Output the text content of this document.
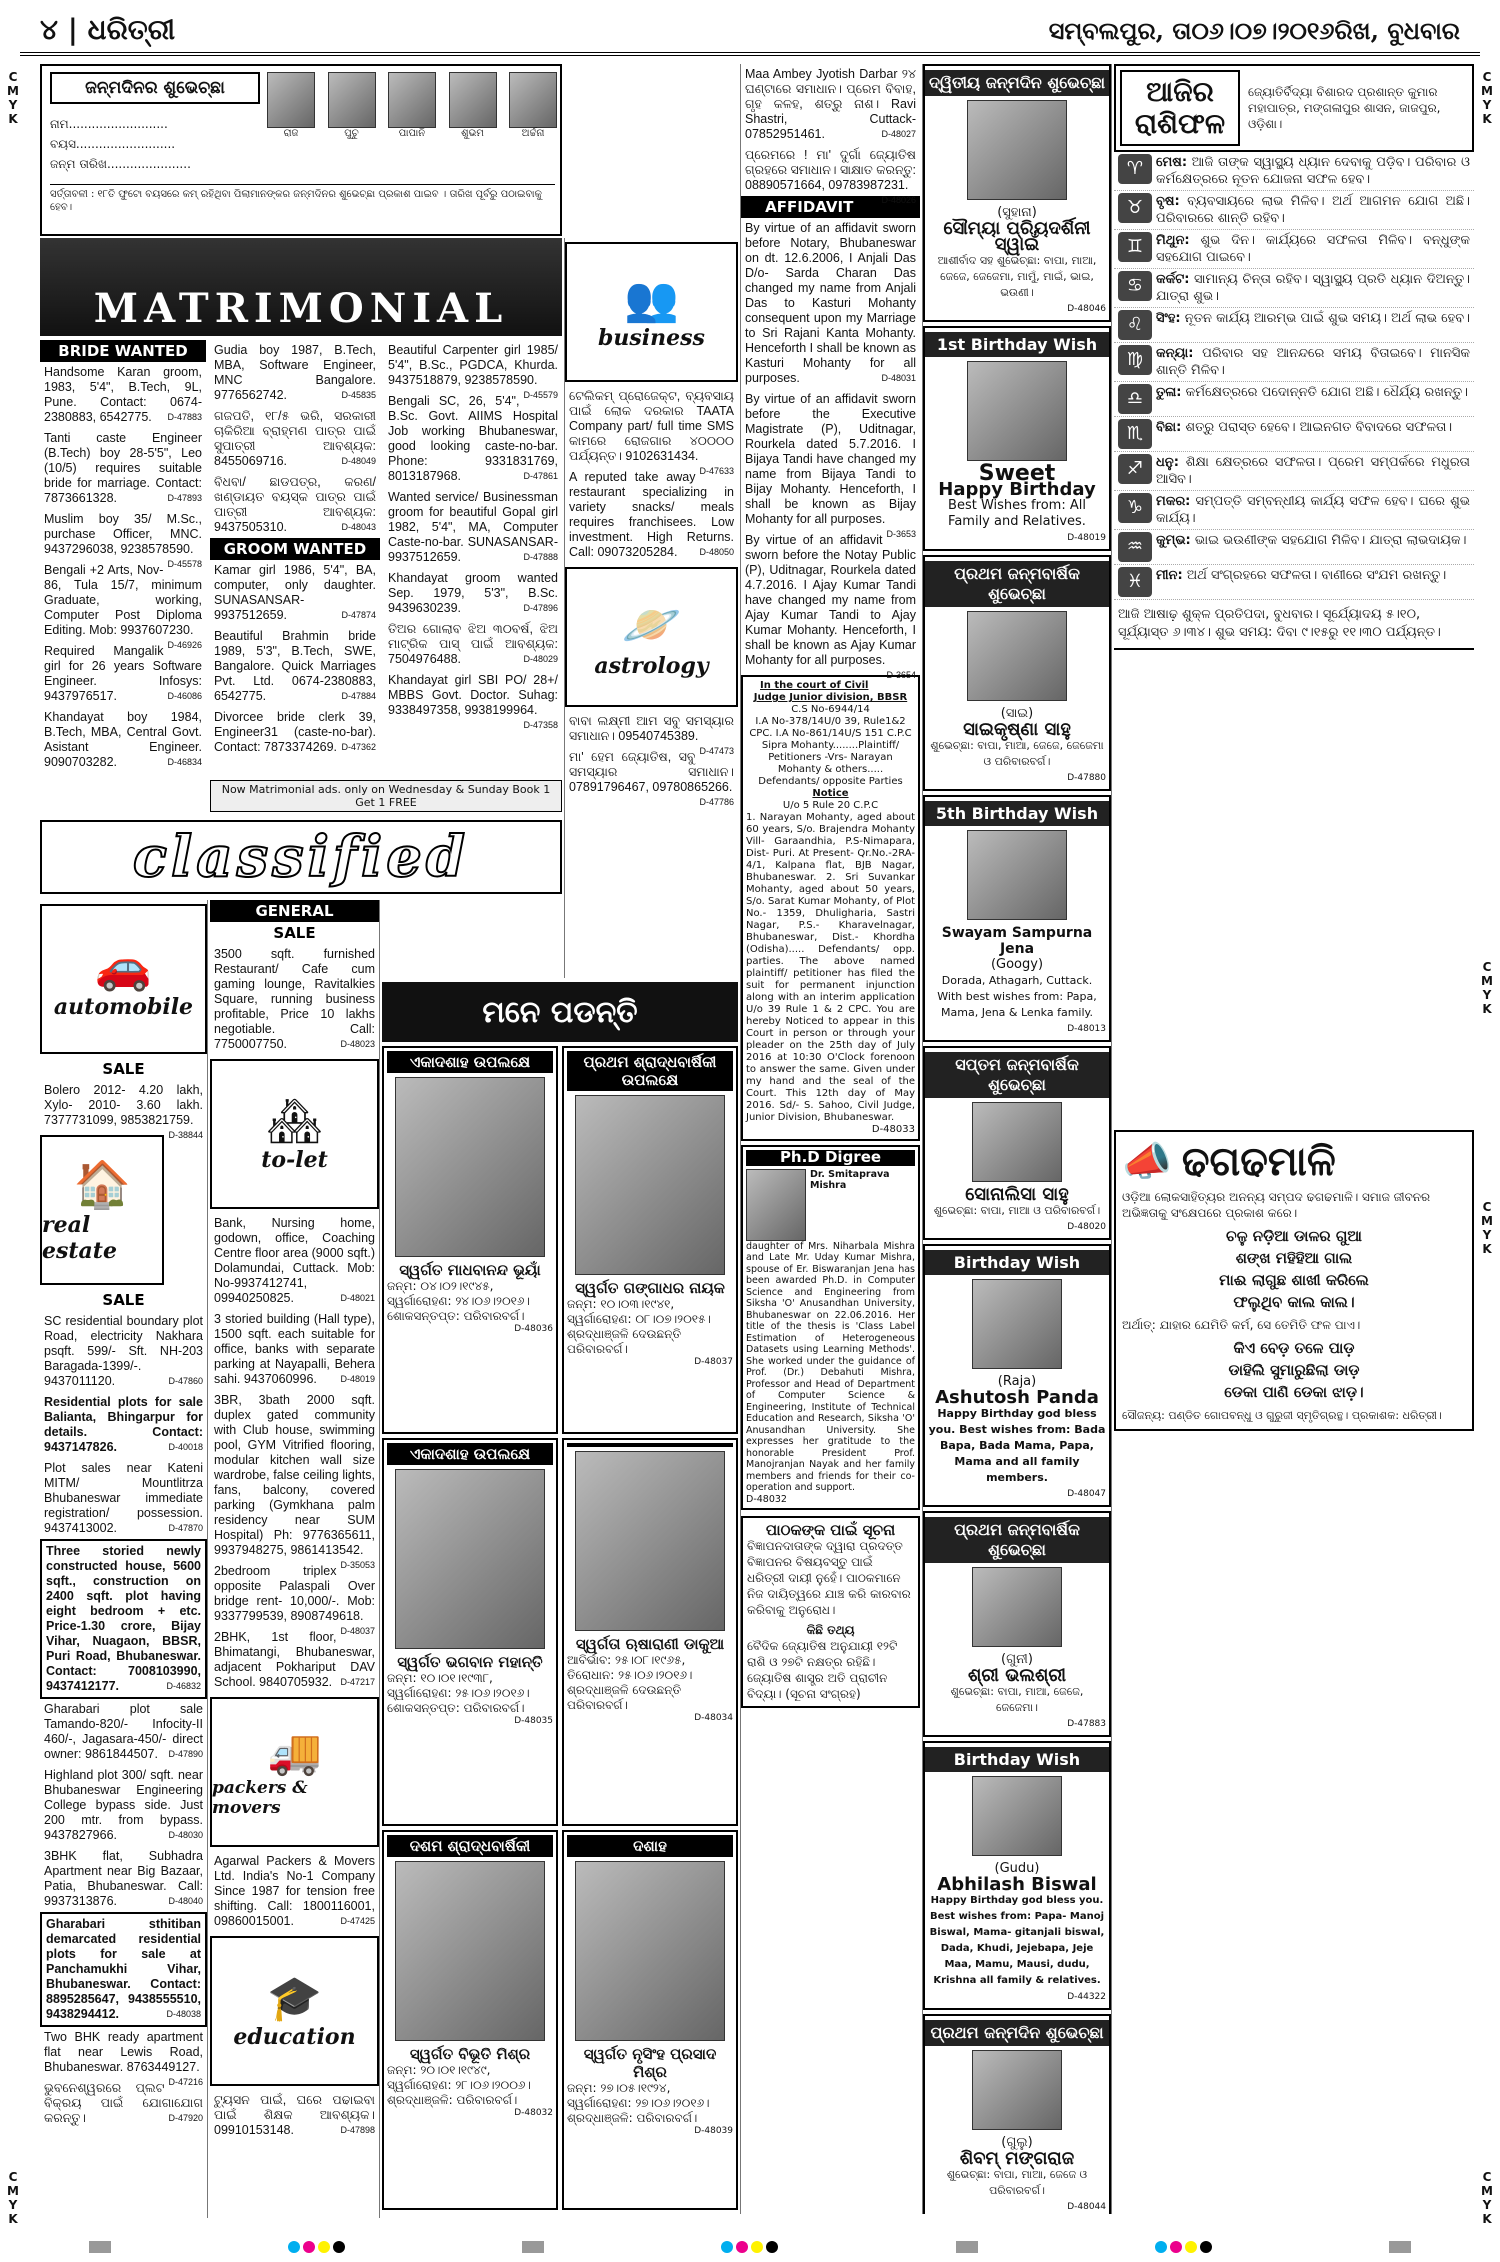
୪ | ଧରିତ୍ରୀ	ସମ୍ବଲପୁର, ତା୦୬।୦୭।୨୦୧୬ରିଖ, ବୁଧବାର
C
M
Y
K
C
M
Y
K
C
M
Y
K
C
M
Y
K
C
M
Y
K
C
M
Y
K
ଜନ୍ମଦିନର ଶୁଭେଚ୍ଛା
ନାମ..........................
ବୟସ..........................
ଜନ୍ମ ତାରିଖ......................
ରାଜ	ପୁଚୁ	ପାପାନି	ଶୁଭମ	ଅର୍ଚ୍ଚନା
ସର୍ତ୍ତାବଳୀ : ୧୮ତି ଫୁଟୋ ବୟସରେ କମ୍ ରହିଥିବା ପିଲାମାନଙ୍କର ଜନ୍ମଦିନର ଶୁଭେଚ୍ଛା ପ୍ରକାଶ ପାଇବ । ତାରିଖ ପୂର୍ବରୁ ପଠାଇବାକୁ ହେବ।
MATRIMONIAL
BRIDE WANTED
Handsome Karan groom, 1983, 5'4", B.Tech, 9L, Pune. Contact: 0674-2380883, 6542775. D-47883
Tanti caste Engineer (B.Tech) boy 28-5'5", Leo (10/5) requires suitable bride for marriage. Contact: 7873661328.	D-47893
Muslim boy 35/ M.Sc., purchase Officer, MNC. 9437296038, 9238578590.
D-45578
Bengali +2 Arts, Nov-86, Tula 15/7, minimum Graduate, working, Computer Post Diploma Editing. Mob: 9937607230.
D-46926
Required Mangalik girl for 26 years Software Engineer. Infosys: 9437976517.	D-46086
Khandayat boy 1984, B.Tech, MBA, Central Govt. Asistant Engineer. 9090703282.	D-46834
Gudia boy 1987, B.Tech, MBA, Software Engineer, MNC Bangalore. 9776562742.	D-45835
ଗଜପତି, ୧୮/୫ ଭରି, ସରକାରୀ ଚାକିରିଆ ବ୍ରାହ୍ମଣ ପାତ୍ର ପାଇଁ ସୁପାତ୍ରୀ ଆବଶ୍ୟକ: 8455069716.	D-48049
ବିଧବା/ ଛାଡପତ୍ର, କରଣ/ ଖଣ୍ଡାୟତ ବୟସ୍କ ପାତ୍ର ପାଇଁ ପାତ୍ରୀ ଆବଶ୍ୟକ: 9437505310.	D-48043
GROOM WANTED
Kamar girl 1986, 5'4", BA, computer, only daughter. SUNASANSAR- 9937512659.	D-47874
Beautiful Brahmin bride 1989, 5'3", B.Tech, SWE, Bangalore. Quick Marriages Pvt. Ltd. 0674-2380883, 6542775.	D-47884
Divorcee bride clerk 39, Engineer31 (caste-no-bar). Contact: 7873374269. D-47362
Beautiful Carpenter girl 1985/ 5'4", B.Sc., PGDCA, Khurda. 9437518879, 9238578590.
D-45579
Bengali SC, 26, 5'4", B.Sc. Govt. AIIMS Hospital Job working Bhubaneswar, good looking caste-no-bar. Phone: 9331831769, 8013187968.	D-47861
Wanted service/ Businessman groom for beautiful Gopal girl 1982, 5'4", MA, Computer Caste-no-bar. SUNASANSAR- 9937512659.	D-47888
Khandayat groom wanted Sep. 1979, 5'3", B.Sc. 9439630239.	D-47896
ତିଅର ଗୋଲାବ ଝିଅ ୩୦ବର୍ଷ, ଝିଅ ମାଟ୍ରିକ ପାସ୍ ପାଇଁ ଆବଶ୍ୟକ: 7504976488.	D-48029
Khandayat girl SBI PO/ 28+/ MBBS Govt. Doctor. Suhag: 9338497358, 9938199964.
D-47358
Now Matrimonial ads. only on Wednesday & Sunday Book 1 Get 1 FREE
👥
business
ଟେଲିକମ୍ ପ୍ରୋଜେକ୍ଟ, ବ୍ୟବସାୟ ପାଇଁ ଲୋକ ଦରକାର TAATA Company part/ full time SMS କାମରେ ରୋଜଗାର ୪୦୦୦୦ ପର୍ଯ୍ୟନ୍ତ। 9102631434.
D-47633
A reputed take away restaurant specializing in variety snacks/ meals requires franchisees. Low investment. High Returns. Call: 09073205284. D-48050
🪐
astrology
ବାବା ଲକ୍ଷ୍ମୀ ଆମ ସବୁ ସମସ୍ୟାର ସମାଧାନ। 09540745389.
D-47473
ମା' ହେମ ଜ୍ୟୋତିଷ, ସବୁ ସମସ୍ୟାର ସମାଧାନ। 07891796467, 09780865266.
D-47786
Maa Ambey Jyotish Darbar ୨୪ ଘଣ୍ଟାରେ ସମାଧାନ। ପ୍ରେମ ବିବାହ, ଗୃହ କଳହ, ଶତ୍ରୁ ନାଶ। Ravi Shastri, Cuttack- 07852951461.	D-48027
ପ୍ରେମରେ ! ମା' ଦୁର୍ଗା ଜ୍ୟୋତିଷ ଗ୍ରହରେ ସମାଧାନ। ସାକ୍ଷାତ କରନ୍ତୁ: 08890571664, 09783987231.
D-48026
AFFIDAVIT
By virtue of an affidavit sworn before Notary, Bhubaneswar on dt. 12.6.2006, I Anjali Das D/o- Sarda Charan Das changed my name from Anjali Das to Kasturi Mohanty consequent upon my Marriage to Sri Rajani Kanta Mohanty. Henceforth I shall be known as Kasturi Mohanty for all purposes.	D-48031
By virtue of an affidavit sworn before the Executive Magistrate (P), Uditnagar, Rourkela dated 5.7.2016. I Bijaya Tandi have changed my name from Bijaya Tandi to Bijay Mohanty. Henceforth, I shall be known as Bijay Mohanty for all purposes.
D-3653
By virtue of an affidavit sworn before the Notay Public (P), Uditnagar, Rourkela dated 4.7.2016. I Ajay Kumar Tandi have changed my name from Ajay Kumar Tandi to Ajay Kumar Mohanty. Henceforth, I shall be known as Ajay Kumar Mohanty for all purposes.
D-3654
In the court of Civil Judge Junior division, BBSR
C.S No-6944/14
I.A No-378/14U/0 39, Rule1&2 CPC. I.A No-861/14U/S 151 C.P.C
Sipra Mohanty........Plaintiff/ Petitioners -Vrs- Narayan Mohanty & others..... Defendants/ opposite Parties
Notice
U/o 5 Rule 20 C.P.C
1. Narayan Mohanty, aged about 60 years, S/o. Brajendra Mohanty Vill- Garaandhia, P.S-Nimapara, Dist- Puri. At Present- Qr.No.-2RA- 4/1, Kalpana flat, BJB Nagar, Bhubaneswar. 2. Sri Suvankar Mohanty, aged about 50 years, S/o. Sarat Kumar Mohanty, of Plot No.- 1359, Dhuligharia, Sastri Nagar, P.S.- Kharavelnagar, Bhubaneswar, Dist.- Khordha (Odisha)..... Defendants/ opp. parties. The above named plaintiff/ petitioner has filed the suit for permanent injunction along with an interim application U/o 39 Rule 1 & 2 CPC. You are hereby Noticed to appear in this Court in person or through your pleader on the 25th day of July 2016 at 10:30 O'Clock forenoon to answer the same. Given under my hand and the seal of the Court. This 12th day of May 2016. Sd/- S. Sahoo, Civil Judge, Junior Division, Bhubaneswar.
D-48033
Ph.D Digree
Dr. Smitaprava Mishra
daughter of Mrs. Niharbala Mishra and Late Mr. Uday Kumar Mishra, spouse of Er. Biswaranjan Jena has been awarded Ph.D. in Computer Science and Engineering from Siksha 'O' Anusandhan University, Bhubaneswar on 22.06.2016. Her title of the thesis is 'Class Label Estimation of Heterogeneous Datasets using Learning Methods'. She worked under the guidance of Prof. (Dr.) Debahuti Mishra, Professor and Head of Department of Computer Science & Engineering, Institute of Technical Education and Research, Siksha 'O' Anusandhan University. She expresses her gratitude to the honorable President Prof. Manojranjan Nayak and her family members and friends for their co-operation and support.
D-48032
ପାଠକଙ୍କ ପାଇଁ ସୂଚନା
ବିଜ୍ଞାପନଦାତାଙ୍କ ଦ୍ୱାରା ପ୍ରଦତ୍ତ ବିଜ୍ଞାପନର ବିଷୟବସ୍ତୁ ପାଇଁ ଧରିତ୍ରୀ ଦାୟୀ ନୁହେଁ। ପାଠକମାନେ ନିଜ ଦାୟିତ୍ୱରେ ଯାଞ୍ଚ କରି କାରବାର କରିବାକୁ ଅନୁରୋଧ।
କିଛି ତଥ୍ୟ
ବୈଦିକ ଜ୍ୟୋତିଷ ଅନୁଯାୟୀ ୧୨ଟି ରାଶି ଓ ୨୭ଟି ନକ୍ଷତ୍ର ରହିଛି। ଜ୍ୟୋତିଷ ଶାସ୍ତ୍ର ଅତି ପ୍ରାଚୀନ ବିଦ୍ୟା। (ସୂଚନା ସଂଗ୍ରହ)
classified
🚗
automobile
SALE
Bolero 2012- 4.20 lakh, Xylo- 2010- 3.60 lakh. 7377731099, 9853821759.
D-38844
🏠
real estate
SALE
SC residential boundary plot Road, electricity Nakhara psqft. 599/- Sft. NH-203 Baragada-1399/-. 9437011120.	D-47860
Residential plots for sale Balianta, Bhingarpur for details. Contact: 9437147826.	D-40018
Plot sales near Kateni MITM/ Mountlitrza Bhubaneswar immediate registration/ possession. 9437413002.	D-47870
Three storied newly constructed house, 5600 sqft., construction on 2400 sqft. plot having eight bedroom + etc. Price-1.30 crore, Bijay Vihar, Nuagaon, BBSR, Puri Road, Bhubaneswar. Contact: 7008103990, 9437412177.	D-46832
Gharabari plot sale Tamando-820/- Infocity-II 460/-, Jagasara-450/- direct owner: 9861844507. D-47890
Highland plot 300/ sqft. near Bhubaneswar Engineering College bypass side. Just 200 mtr. from bypass. 9437827966.	D-48030
3BHK flat, Subhadra Apartment near Big Bazaar, Patia, Bhubaneswar. Call: 9937313876.	D-48040
Gharabari sthitiban demarcated residential plots for sale at Panchamukhi Vihar, Bhubaneswar. Contact: 8895285647, 9438555510, 9438294412.	D-48038
Two BHK ready apartment flat near Lewis Road, Bhubaneswar. 8763449127.
D-47216
ଭୁବନେଶ୍ୱରରେ ପ୍ଲଟ ବିକ୍ରୟ ପାଇଁ ଯୋଗାଯୋଗ କରନ୍ତୁ।	D-47920
GENERAL
SALE
3500 sqft. furnished Restaurant/ Cafe cum gaming lounge, Ravitalkies Square, running business profitable, Price 10 lakhs negotiable. Call: 7750007750.	D-48023
🏘
to-let
Bank, Nursing home, godown, office, Coaching Centre floor area (9000 sqft.) Dolamundai, Cuttack. Mob: No-9937412741, 09940250825.	D-48021
3 storied building (Hall type), 1500 sqft. each suitable for office, banks with separate parking at Nayapalli, Behera sahi. 9437060996.	D-48019
3BR, 3bath 2000 sqft. duplex gated community with Club house, swimming pool, GYM Vitrified flooring, modular kitchen wall size wardrobe, false ceiling lights, fans, balcony, covered parking (Gymkhana palm residency near SUM Hospital) Ph: 9776365611, 9937948275, 9861413542.
D-35053
2bedroom triplex opposite Palaspali Over bridge rent- 10,000/-. Mob: 9337799539, 8908749618.
D-48037
2BHK, 1st floor, Bhimatangi, Bhubaneswar, adjacent Pokhariput DAV School. 9840705932. D-47217
🚚
packers & movers
Agarwal Packers & Movers Ltd. India's No-1 Company Since 1987 for tension free shifting. Call: 1800116001, 09860015001.	D-47425
🎓
education
ଟ୍ୟୁସନ ପାଇଁ, ଘରେ ପଢାଇବା ପାଇଁ ଶିକ୍ଷକ ଆବଶ୍ୟକ। 09910153148.	D-47898
ମନେ ପଡନ୍ତି
ଏକାଦଶାହ ଉପଲକ୍ଷେ
ସ୍ୱର୍ଗତ ମାଧବାନନ୍ଦ ଭୂୟାଁ
ଜନ୍ମ: ୦୪।୦୨।୧୯୪୫, ସ୍ୱର୍ଗାରୋହଣ: ୨୪।୦୬।୨୦୧୬। ଶୋକସନ୍ତପ୍ତ: ପରିବାରବର୍ଗ।
D-48036
ପ୍ରଥମ ଶ୍ରାଦ୍ଧବାର୍ଷିକୀ ଉପଲକ୍ଷେ
ସ୍ୱର୍ଗତ ଗଙ୍ଗାଧର ନାୟକ
ଜନ୍ମ: ୧୦।୦୩।୧୯୪୧, ସ୍ୱର୍ଗାରୋହଣ: ୦୮।୦୭।୨୦୧୫। ଶ୍ରଦ୍ଧାଞ୍ଜଳି ଦେଉଛନ୍ତି ପରିବାରବର୍ଗ।
D-48037
ଏକାଦଶାହ ଉପଲକ୍ଷେ
ସ୍ୱର୍ଗତ ଭଗବାନ ମହାନ୍ତି
ଜନ୍ମ: ୧୦।୦୧।୧୯୩୮, ସ୍ୱର୍ଗାରୋହଣ: ୨୫।୦୬।୨୦୧୬। ଶୋକସନ୍ତପ୍ତ: ପରିବାରବର୍ଗ।
D-48035
ସ୍ୱର୍ଗତା ଋଷାରାଣୀ ଡାକୁଆ
ଆବିର୍ଭାବ: ୨୫।୦୮।୧୯୬୫, ତିରୋଧାନ: ୨୫।୦୬।୨୦୧୬। ଶ୍ରଦ୍ଧାଞ୍ଜଳି ଦେଉଛନ୍ତି ପରିବାରବର୍ଗ।
D-48034
ଦଶମ ଶ୍ରାଦ୍ଧବାର୍ଷିକୀ
ସ୍ୱର୍ଗତ ବିଭୂତି ମିଶ୍ର
ଜନ୍ମ: ୨୦।୦୧।୧୯୪୯, ସ୍ୱର୍ଗାରୋହଣ: ୨୮।୦୬।୨୦୦୬। ଶ୍ରଦ୍ଧାଞ୍ଜଳି: ପରିବାରବର୍ଗ।
D-48032
ଦଶାହ
ସ୍ୱର୍ଗତ ନୃସିଂହ ପ୍ରସାଦ ମିଶ୍ର
ଜନ୍ମ: ୨୭।୦୫।୧୯୨୪, ସ୍ୱର୍ଗାରୋହଣ: ୨୭।୦୬।୨୦୧୬। ଶ୍ରଦ୍ଧାଞ୍ଜଳି: ପରିବାରବର୍ଗ।
D-48039
ଦ୍ୱିତୀୟ ଜନ୍ମଦିନ ଶୁଭେଚ୍ଛା
(ସୁହାନା)
ସୌମ୍ୟା ପ୍ରିୟଦର୍ଶିନୀ ସ୍ୱାଇଁ
ଆଶୀର୍ବାଦ ସହ ଶୁଭେଚ୍ଛା: ବାପା, ମାଆ, ଜେଜେ, ଜେଜେମା, ମାମୁଁ, ମାଇଁ, ଭାଇ, ଭଉଣୀ।
D-48046
1st Birthday Wish
Sweet
Happy Birthday
Best Wishes from: All Family and Relatives.
D-48019
ପ୍ରଥମ ଜନ୍ମବାର୍ଷିକ ଶୁଭେଚ୍ଛା
(ସାଇ)
ସାଇକୃଷ୍ଣା ସାହୁ
ଶୁଭେଚ୍ଛା: ବାପା, ମାଆ, ଜେଜେ, ଜେଜେମା ଓ ପରିବାରବର୍ଗ।
D-47880
5th Birthday Wish
Swayam Sampurna Jena
(Googy)
Dorada, Athagarh, Cuttack. With best wishes from: Papa, Mama, Jena & Lenka family.
D-48013
ସପ୍ତମ ଜନ୍ମବାର୍ଷିକ ଶୁଭେଚ୍ଛା
ସୋନାଲିସା ସାହୁ
ଶୁଭେଚ୍ଛା: ବାପା, ମାଆ ଓ ପରିବାରବର୍ଗ।
D-48020
Birthday Wish
(Raja)
Ashutosh Panda
Happy Birthday god bless you. Best wishes from: Bada Bapa, Bada Mama, Papa, Mama and all family members.
D-48047
ପ୍ରଥମ ଜନ୍ମବାର୍ଷିକ ଶୁଭେଚ୍ଛା
(ଗୁନୀ)
ଶ୍ରୀ ଭଲଶ୍ରୀ
ଶୁଭେଚ୍ଛା: ବାପା, ମାଆ, ଜେଜେ, ଜେଜେମା।
D-47883
Birthday Wish
(Gudu)
Abhilash Biswal
Happy Birthday god bless you. Best wishes from: Papa- Manoj Biswal, Mama- gitanjali biswal, Dada, Khudi, Jejebapa, Jeje Maa, Mamu, Mausi, dudu, Krishna all family & relatives.
D-44322
ପ୍ରଥମ ଜନ୍ମଦିନ ଶୁଭେଚ୍ଛା
(ଗୁଲୁ)
ଶିବମ୍ ମଙ୍ଗରାଜ
ଶୁଭେଚ୍ଛା: ବାପା, ମାଆ, ଜେଜେ ଓ ପରିବାରବର୍ଗ।
D-48044
ଆଜିର
ରାଶିଫଳ
ଜ୍ୟୋତିର୍ବିଦ୍ୟା ବିଶାରଦ ପ୍ରଶାନ୍ତ କୁମାର ମହାପାତ୍ର, ମଙ୍ଗଳାପୁର ଶାସନ, ଜାଜପୁର, ଓଡ଼ିଶା।
♈ ମେଷ: ଆଜି ତାଙ୍କ ସ୍ୱାସ୍ଥ୍ୟ ଧ୍ୟାନ ଦେବାକୁ ପଡ଼ିବ। ପରିବାର ଓ କର୍ମକ୍ଷେତ୍ରରେ ନୂତନ ଯୋଜନା ସଫଳ ହେବ।
♉ ବୃଷ: ବ୍ୟବସାୟରେ ଲାଭ ମିଳିବ। ଅର୍ଥ ଆଗମନ ଯୋଗ ଅଛି। ପରିବାରରେ ଶାନ୍ତି ରହିବ।
♊ ମିଥୁନ: ଶୁଭ ଦିନ। କାର୍ଯ୍ୟରେ ସଫଳତା ମିଳିବ। ବନ୍ଧୁଙ୍କ ସହଯୋଗ ପାଇବେ।
♋ କର୍କଟ: ସାମାନ୍ୟ ଚିନ୍ତା ରହିବ। ସ୍ୱାସ୍ଥ୍ୟ ପ୍ରତି ଧ୍ୟାନ ଦିଅନ୍ତୁ। ଯାତ୍ରା ଶୁଭ।
♌ ସିଂହ: ନୂତନ କାର୍ଯ୍ୟ ଆରମ୍ଭ ପାଇଁ ଶୁଭ ସମୟ। ଅର୍ଥ ଲାଭ ହେବ।
♍ କନ୍ୟା: ପରିବାର ସହ ଆନନ୍ଦରେ ସମୟ ବିତାଇବେ। ମାନସିକ ଶାନ୍ତି ମିଳିବ।
♎ ତୁଳା: କର୍ମକ୍ଷେତ୍ରରେ ପଦୋନ୍ନତି ଯୋଗ ଅଛି। ଧୈର୍ଯ୍ୟ ରଖନ୍ତୁ।
♏ ବିଛା: ଶତ୍ରୁ ପରାସ୍ତ ହେବେ। ଆଇନଗତ ବିବାଦରେ ସଫଳତା।
♐ ଧନୁ: ଶିକ୍ଷା କ୍ଷେତ୍ରରେ ସଫଳତା। ପ୍ରେମ ସମ୍ପର୍କରେ ମଧୁରତା ଆସିବ।
♑ ମକର: ସମ୍ପତ୍ତି ସମ୍ବନ୍ଧୀୟ କାର୍ଯ୍ୟ ସଫଳ ହେବ। ଘରେ ଶୁଭ କାର୍ଯ୍ୟ।
♒ କୁମ୍ଭ: ଭାଇ ଭଉଣୀଙ୍କ ସହଯୋଗ ମିଳିବ। ଯାତ୍ରା ଲାଭଦାୟକ।
♓ ମୀନ: ଅର୍ଥ ସଂଗ୍ରହରେ ସଫଳତା। ବାଣୀରେ ସଂଯମ ରଖନ୍ତୁ।
ଆଜି ଆଷାଢ଼ ଶୁକ୍ଳ ପ୍ରତିପଦା, ବୁଧବାର। ସୂର୍ଯ୍ୟୋଦୟ ୫।୧୦, ସୂର୍ଯ୍ୟାସ୍ତ ୬।୩୪। ଶୁଭ ସମୟ: ଦିବା ୯।୧୫ରୁ ୧୧।୩୦ ପର୍ଯ୍ୟନ୍ତ।
📣 ଢଗଢମାଳି
ଓଡ଼ିଆ ଲୋକସାହିତ୍ୟର ଅନନ୍ୟ ସମ୍ପଦ ଢଗଢମାଳି। ସମାଜ ଜୀବନର ଅଭିଜ୍ଞତାକୁ ସଂକ୍ଷେପରେ ପ୍ରକାଶ କରେ।
ଚଳୁ ନଡ଼ିଆ ଡାଳର ଗୁଆ
ଶଙ୍ଖ ମହିହିଆ ଗାଲ
ମାଈ ଲାଗୁଛ ଶାଖୀ କରିଲେ
ଫଲୁଥିବ କାଲ କାଲ।
ଅର୍ଥାତ୍: ଯାହାର ଯେମିତି କର୍ମ, ସେ ତେମିତି ଫଳ ପାଏ।
କିଏ ବେଡ଼ ତଳେ ପାଡ଼
ଡାହିଲି ସୁମାରୁଛିଲା ଡାଡ଼
ଡେକା ପାଣି ଡେକା ଝାଡ଼।
ସୌଜନ୍ୟ: ପଣ୍ଡିତ ଗୋପବନ୍ଧୁ ଓ ଗୁରୁଜୀ ସ୍ମୃତିଗ୍ରନ୍ଥ। ପ୍ରକାଶକ: ଧରିତ୍ରୀ।
